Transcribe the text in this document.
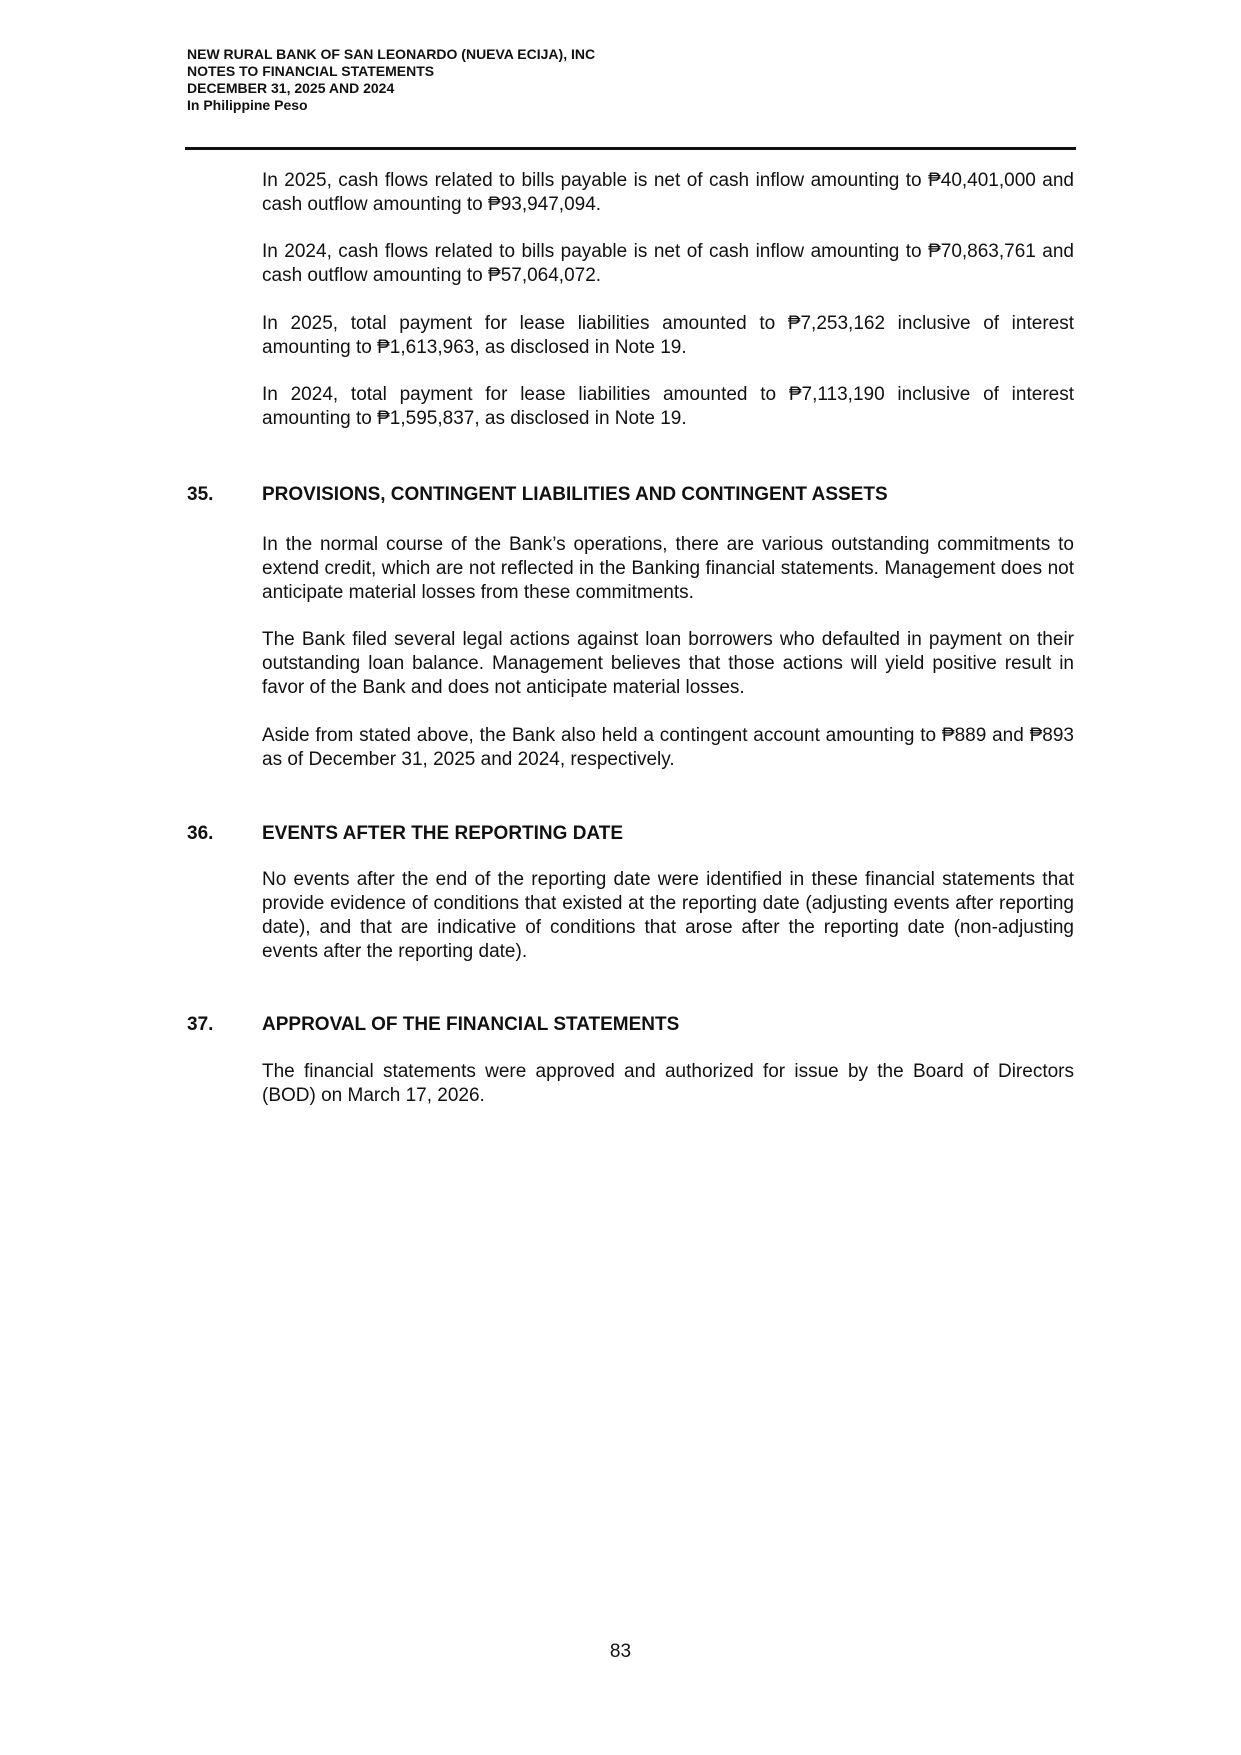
NEW RURAL BANK OF SAN LEONARDO (NUEVA ECIJA), INC

NOTES TO FINANCIAL STATEMENTS

DECEMBER 31, 2025 AND 2024

In Philippine Peso

In 2025, cash flows related to bills payable is net of cash inflow amounting to ₱40,401,000 and cash outflow amounting to ₱93,947,094.

In 2024, cash flows related to bills payable is net of cash inflow amounting to ₱70,863,761 and cash outflow amounting to ₱57,064,072.

In 2025, total payment for lease liabilities amounted to ₱7,253,162 inclusive of interest amounting to ₱1,613,963, as disclosed in Note 19.

In 2024, total payment for lease liabilities amounted to ₱7,113,190 inclusive of interest amounting to ₱1,595,837, as disclosed in Note 19.

35.	PROVISIONS, CONTINGENT LIABILITIES AND CONTINGENT ASSETS

In the normal course of the Bank’s operations, there are various outstanding commitments to extend credit, which are not reflected in the Banking financial statements. Management does not anticipate material losses from these commitments.

The Bank filed several legal actions against loan borrowers who defaulted in payment on their outstanding loan balance. Management believes that those actions will yield positive result in favor of the Bank and does not anticipate material losses.

Aside from stated above, the Bank also held a contingent account amounting to ₱889 and ₱893 as of December 31, 2025 and 2024, respectively.

36.	EVENTS AFTER THE REPORTING DATE

No events after the end of the reporting date were identified in these financial statements that provide evidence of conditions that existed at the reporting date (adjusting events after reporting date), and that are indicative of conditions that arose after the reporting date (non-adjusting events after the reporting date).

37.	APPROVAL OF THE FINANCIAL STATEMENTS

The financial statements were approved and authorized for issue by the Board of Directors (BOD) on March 17, 2026.

83
